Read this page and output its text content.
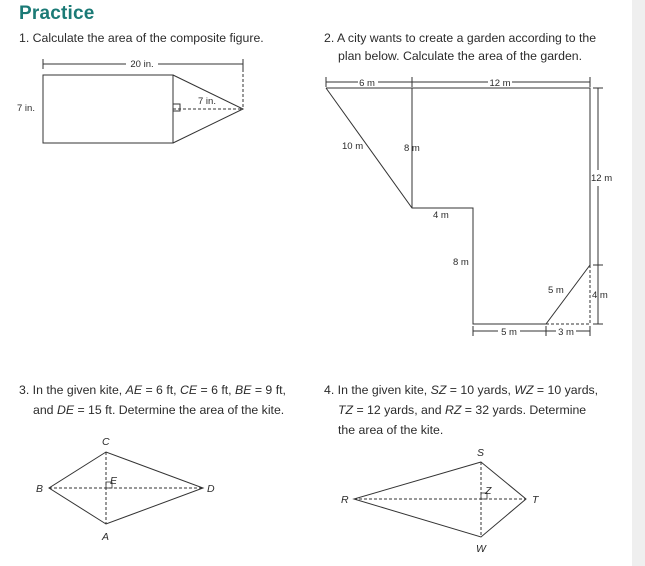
Practice
1. Calculate the area of the composite figure.	2. A city wants to create a garden according to the
plan below. Calculate the area of the garden.
3. In the given kite, AE = 6 ft, CE = 6 ft, BE = 9 ft,
and DE = 15 ft. Determine the area of the kite.
4. In the given kite, SZ = 10 yards, WZ = 10 yards,
TZ = 12 yards, and RZ = 32 yards. Determine
the area of the kite.
20 in.
7 in.
7 in.
6 m	12 m
10 m	8 m
4 m
8 m
12 m
5 m	4 m
5 m	3 m
C
B
E
D
A
S
R
Z
T
W
